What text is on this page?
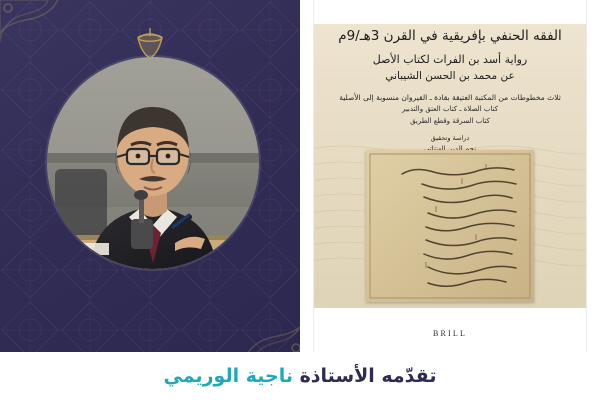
الفقه الحنفي بإفريقية في القرن 3هـ/9م
رواية أسد بن الفرات لكتاب الأصل
عن محمد بن الحسن الشيباني
ثلاث مخطوطات من المكتبة العتيقة بقادة ـ القيروان منسوبة إلى الأصلية
كتاب الصلاة ـ كتاب العتق والتدبير
كتاب السرقة وقطع الطريق
دراسة وتحقيق
BRILL
تقدّمه الأستاذة ناجية الوريمي
